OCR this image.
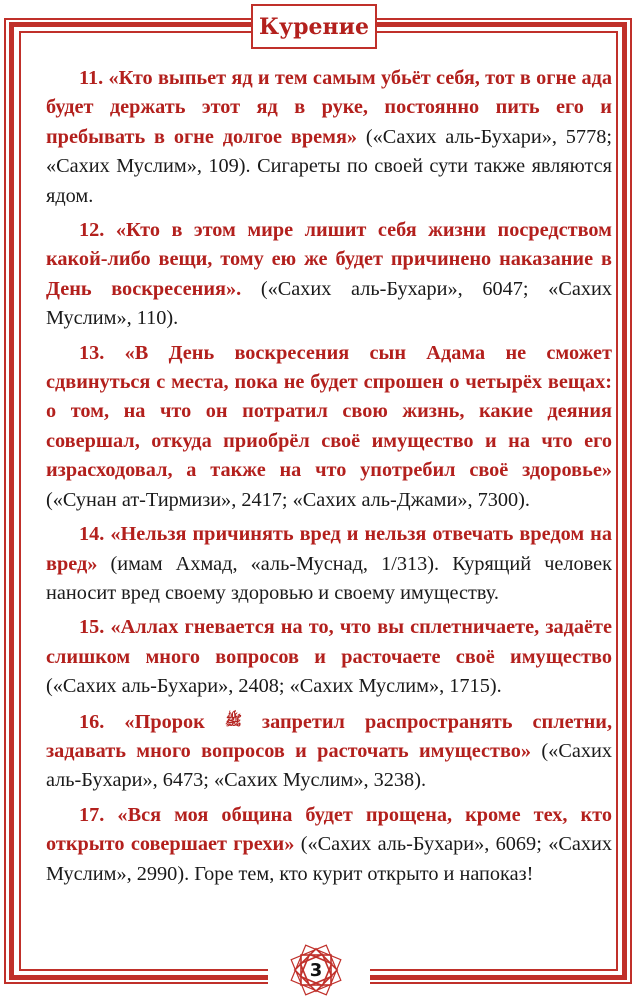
Курение

11. «Кто выпьет яд и тем самым убьёт себя, тот в огне ада будет держать этот яд в руке, постоянно пить его и пребывать в огне долгое время» («Сахих аль-Бухари», 5778; «Сахих Муслим», 109). Сигареты по своей сути также являются ядом.

12. «Кто в этом мире лишит себя жизни посредством какой-либо вещи, тому ею же будет причинено наказание в День воскресения». («Сахих аль-Бухари», 6047; «Сахих Муслим», 110).

13. «В День воскресения сын Адама не сможет сдвинуться с места, пока не будет спрошен о четырёх вещах: о том, на что он потратил свою жизнь, какие деяния совершал, откуда приобрёл своё имущество и на что его израсходовал, а также на что употребил своё здоровье» («Сунан ат-Тирмизи», 2417; «Сахих аль-Джами», 7300).

14. «Нельзя причинять вред и нельзя отвечать вредом на вред» (имам Ахмад, «аль-Муснад, 1/313). Курящий человек наносит вред своему здоровью и своему имуществу.

15. «Аллах гневается на то, что вы сплетничаете, задаёте слишком много вопросов и расточаете своё имущество («Сахих аль-Бухари», 2408; «Сахих Муслим», 1715).

16. «Пророк ﷺ запретил распространять сплетни, задавать много вопросов и расточать имущество» («Сахих аль-Бухари», 6473; «Сахих Муслим», 3238).

17. «Вся моя община будет прощена, кроме тех, кто открыто совершает грехи» («Сахих аль-Бухари», 6069; «Сахих Муслим», 2990). Горе тем, кто курит открыто и напоказ!

3
